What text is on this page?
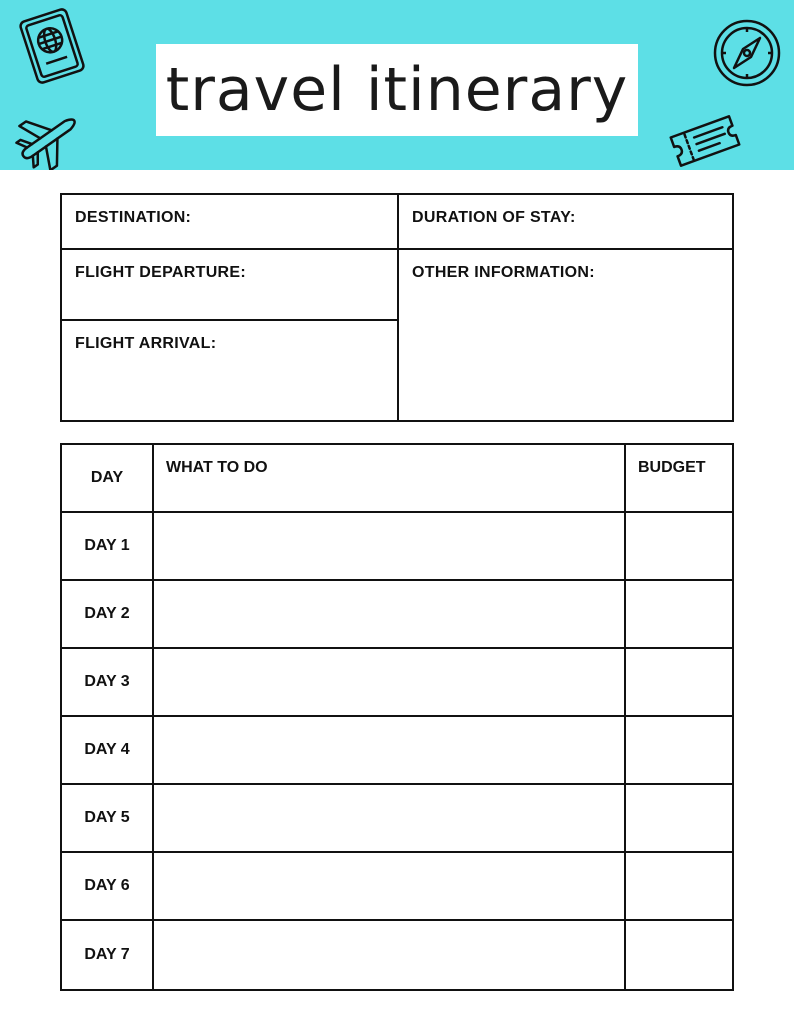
travel itinerary
DESTINATION:	DURATION OF STAY:
FLIGHT DEPARTURE:	OTHER INFORMATION:
FLIGHT ARRIVAL:
DAY	WHAT TO DO	BUDGET
DAY 1		
DAY 2		
DAY 3		
DAY 4		
DAY 5		
DAY 6		
DAY 7		
